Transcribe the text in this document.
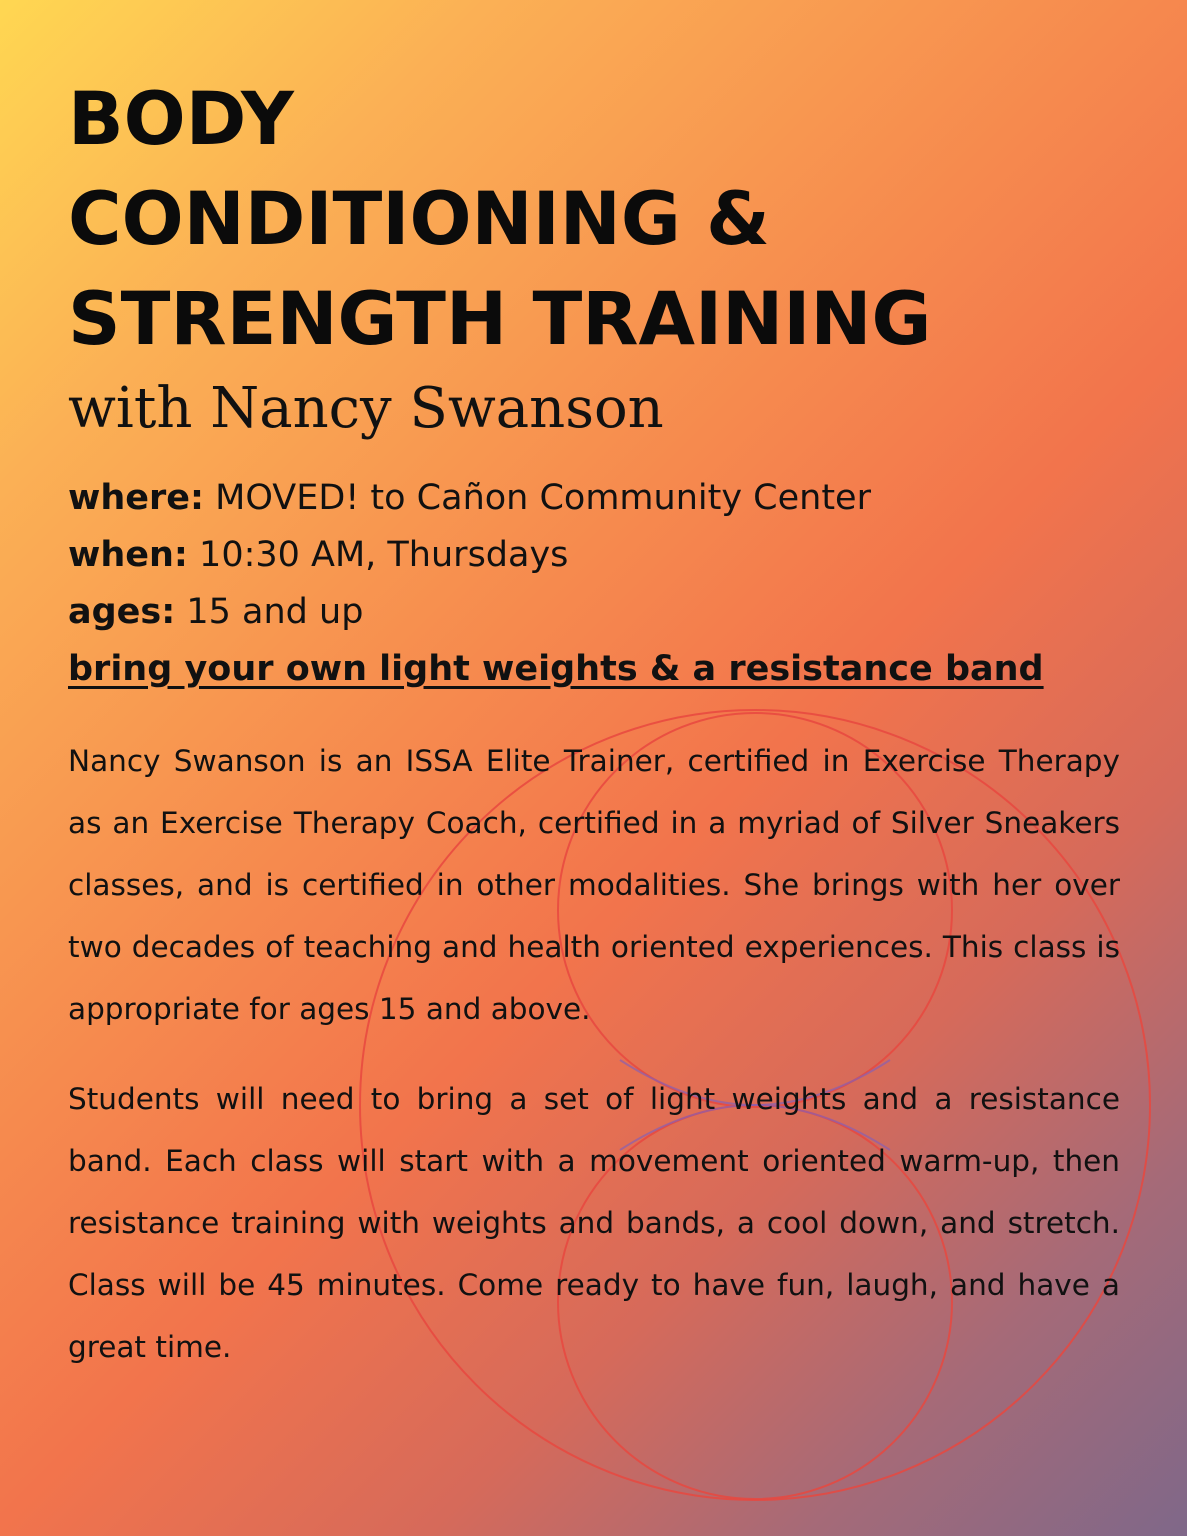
BODY
CONDITIONING &
STRENGTH TRAINING
with Nancy Swanson
where: MOVED! to Cañon Community Center
when: 10:30 AM, Thursdays
ages: 15 and up
bring your own light weights & a resistance band

Nancy Swanson is an ISSA Elite Trainer, certified in Exercise Therapy as an Exercise Therapy Coach, certified in a myriad of Silver Sneakers classes, and is certified in other modalities. She brings with her over two decades of teaching and health oriented experiences. This class is appropriate for ages 15 and above.

Students will need to bring a set of light weights and a resistance band. Each class will start with a movement oriented warm-up, then resistance training with weights and bands, a cool down, and stretch. Class will be 45 minutes. Come ready to have fun, laugh, and have a great time.
